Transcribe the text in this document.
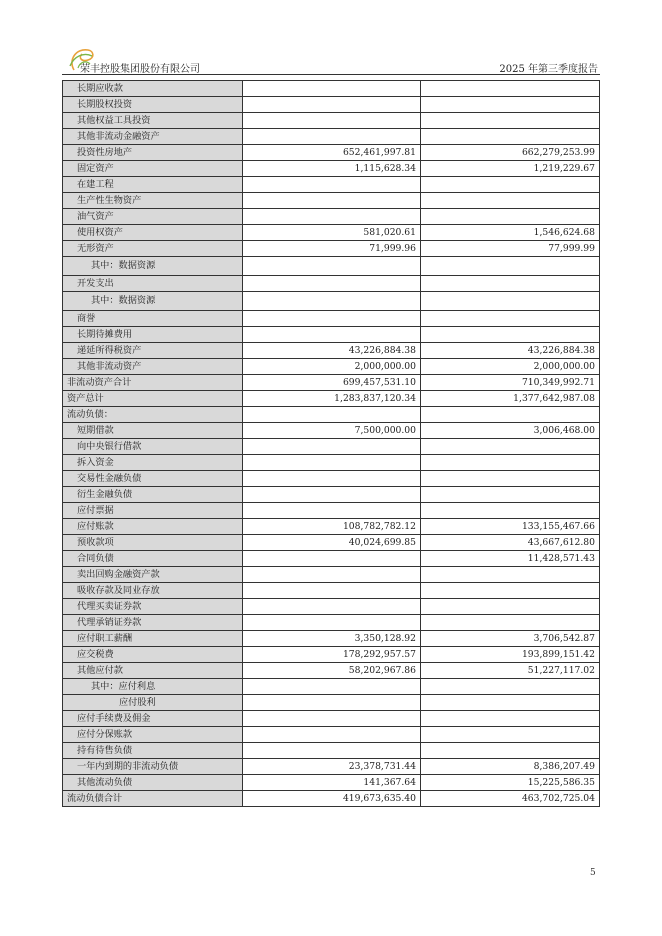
荣丰控股集团股份有限公司	2025 年第三季度报告
长期应收款		
长期股权投资		
其他权益工具投资		
其他非流动金融资产		
投资性房地产	652,461,997.81	662,279,253.99
固定资产	1,115,628.34	1,219,229.67
在建工程		
生产性生物资产		
油气资产		
使用权资产	581,020.61	1,546,624.68
无形资产	71,999.96	77,999.99
其中：数据资源		
开发支出		
其中：数据资源		
商誉		
长期待摊费用		
递延所得税资产	43,226,884.38	43,226,884.38
其他非流动资产	2,000,000.00	2,000,000.00
非流动资产合计	699,457,531.10	710,349,992.71
资产总计	1,283,837,120.34	1,377,642,987.08
流动负债：		
短期借款	7,500,000.00	3,006,468.00
向中央银行借款		
拆入资金		
交易性金融负债		
衍生金融负债		
应付票据		
应付账款	108,782,782.12	133,155,467.66
预收款项	40,024,699.85	43,667,612.80
合同负债		11,428,571.43
卖出回购金融资产款		
吸收存款及同业存放		
代理买卖证券款		
代理承销证券款		
应付职工薪酬	3,350,128.92	3,706,542.87
应交税费	178,292,957.57	193,899,151.42
其他应付款	58,202,967.86	51,227,117.02
其中：应付利息		
应付股利		
应付手续费及佣金		
应付分保账款		
持有待售负债		
一年内到期的非流动负债	23,378,731.44	8,386,207.49
其他流动负债	141,367.64	15,225,586.35
流动负债合计	419,673,635.40	463,702,725.04
5
